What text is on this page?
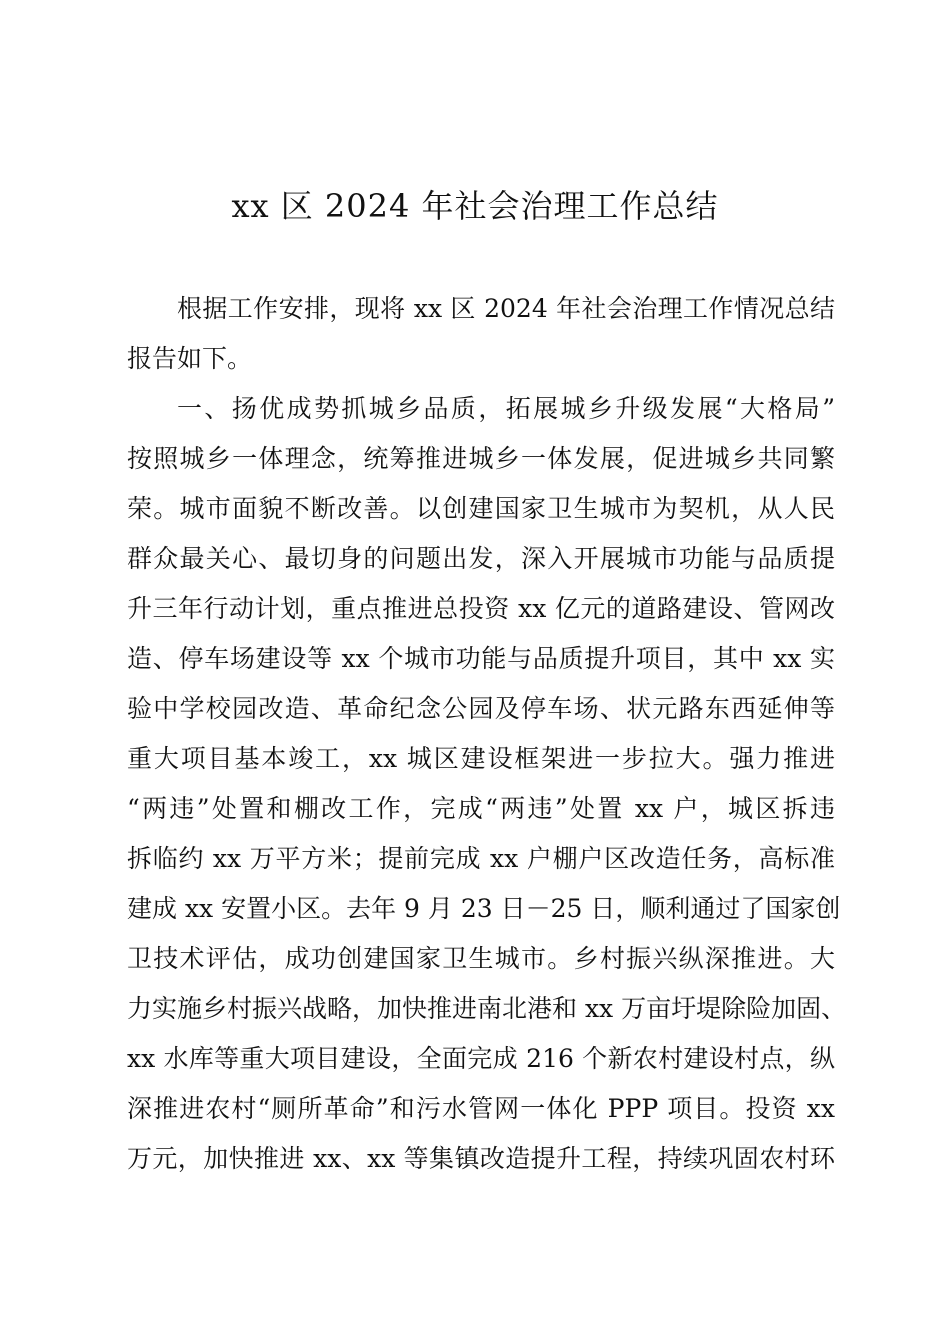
xx 区 2024 年社会治理工作总结
根据工作安排，现将 xx 区 2024 年社会治理工作情况总结
报告如下。
一、扬优成势抓城乡品质，拓展城乡升级发展“大格局”
按照城乡一体理念，统筹推进城乡一体发展，促进城乡共同繁
荣。城市面貌不断改善。以创建国家卫生城市为契机，从人民
群众最关心、最切身的问题出发，深入开展城市功能与品质提
升三年行动计划，重点推进总投资 xx 亿元的道路建设、管网改
造、停车场建设等 xx 个城市功能与品质提升项目，其中 xx 实
验中学校园改造、革命纪念公园及停车场、状元路东西延伸等
重大项目基本竣工，xx 城区建设框架进一步拉大。强力推进
“两违”处置和棚改工作，完成“两违”处置 xx 户，城区拆违
拆临约 xx 万平方米；提前完成 xx 户棚户区改造任务，高标准
建成 xx 安置小区。去年 9 月 23 日－25 日，顺利通过了国家创
卫技术评估，成功创建国家卫生城市。乡村振兴纵深推进。大
力实施乡村振兴战略，加快推进南北港和 xx 万亩圩堤除险加固、
xx 水库等重大项目建设，全面完成 216 个新农村建设村点，纵
深推进农村“厕所革命”和污水管网一体化 PPP 项目。投资 xx
万元，加快推进 xx、xx 等集镇改造提升工程，持续巩固农村环
